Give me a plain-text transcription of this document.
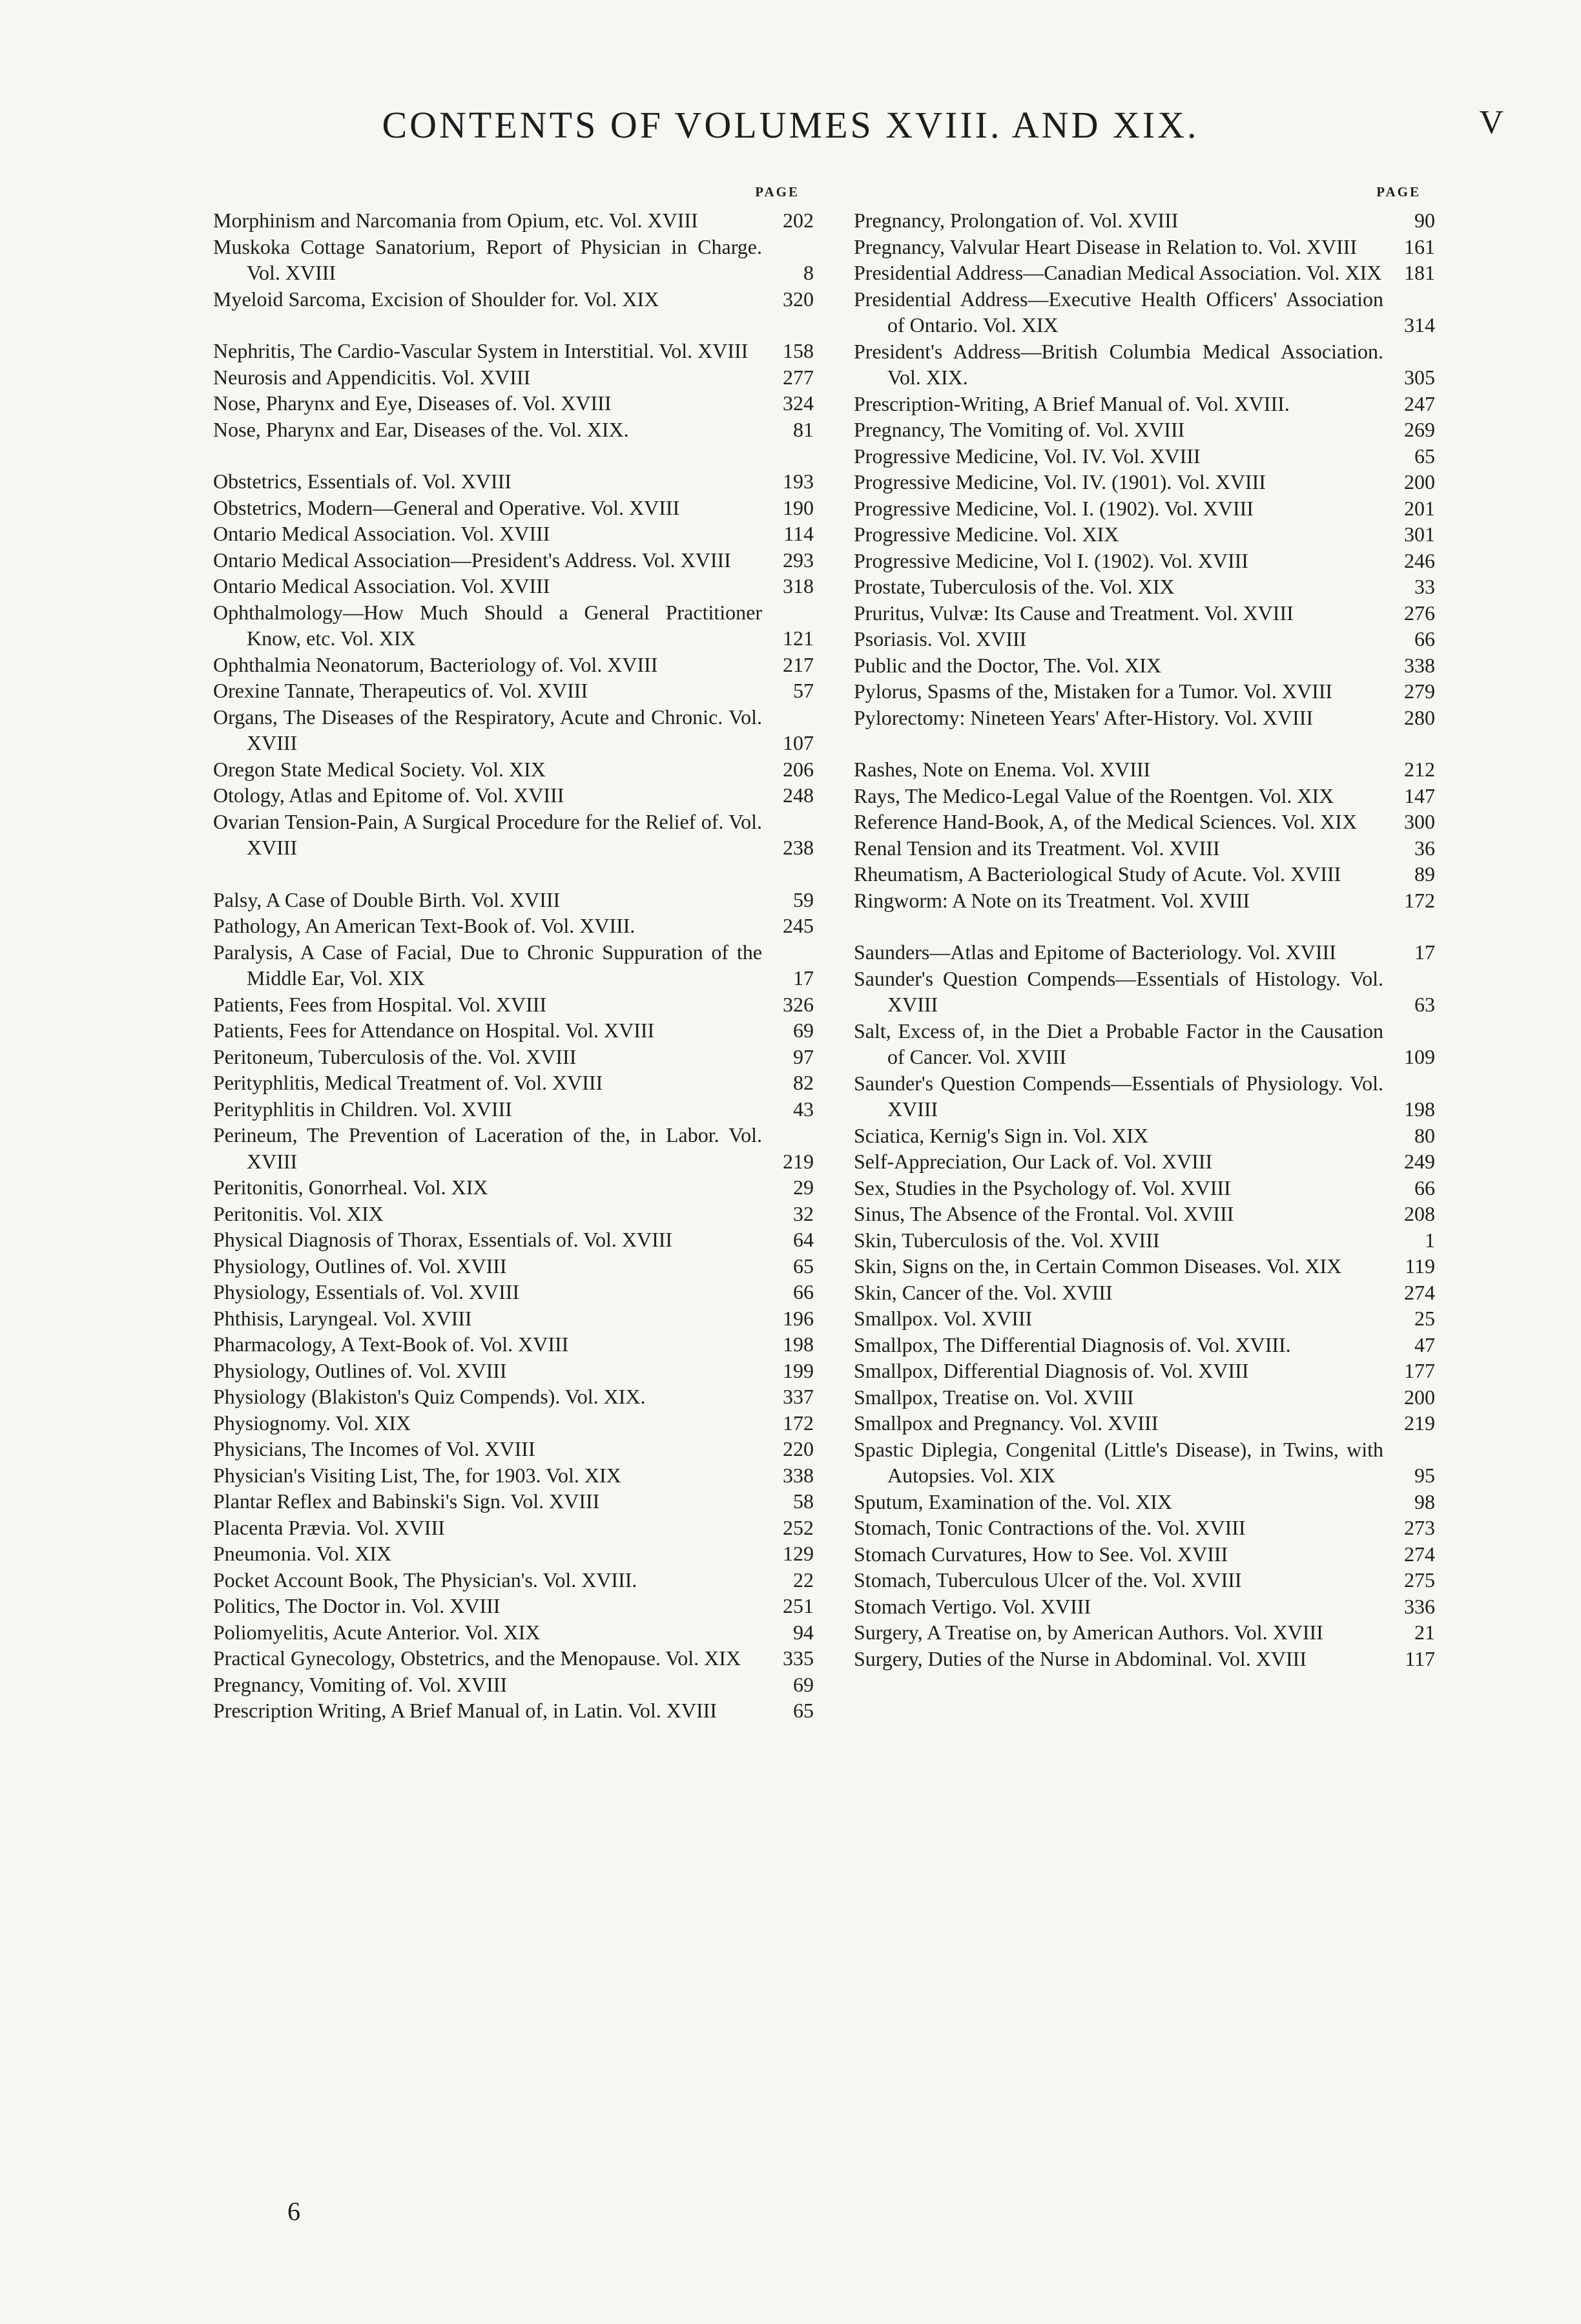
CONTENTS OF VOLUMES XVIII. AND XIX.	V
PAGE
Morphinism and Narcomania from Opium, etc. Vol. XVIII	202
Muskoka Cottage Sanatorium, Report of Physician in Charge. Vol. XVIII	8
Myeloid Sarcoma, Excision of Shoulder for. Vol. XIX	320
Nephritis, The Cardio-Vascular System in Interstitial. Vol. XVIII	158
Neurosis and Appendicitis. Vol. XVIII	277
Nose, Pharynx and Eye, Diseases of. Vol. XVIII	324
Nose, Pharynx and Ear, Diseases of the. Vol. XIX.	81
Obstetrics, Essentials of. Vol. XVIII	193
Obstetrics, Modern—General and Operative. Vol. XVIII	190
Ontario Medical Association. Vol. XVIII	114
Ontario Medical Association—President's Address. Vol. XVIII	293
Ontario Medical Association. Vol. XVIII	318
Ophthalmology—How Much Should a General Practitioner Know, etc. Vol. XIX	121
Ophthalmia Neonatorum, Bacteriology of. Vol. XVIII	217
Orexine Tannate, Therapeutics of. Vol. XVIII	57
Organs, The Diseases of the Respiratory, Acute and Chronic. Vol. XVIII	107
Oregon State Medical Society. Vol. XIX	206
Otology, Atlas and Epitome of. Vol. XVIII	248
Ovarian Tension-Pain, A Surgical Procedure for the Relief of. Vol. XVIII	238
Palsy, A Case of Double Birth. Vol. XVIII	59
Pathology, An American Text-Book of. Vol. XVIII.	245
Paralysis, A Case of Facial, Due to Chronic Suppuration of the Middle Ear, Vol. XIX	17
Patients, Fees from Hospital. Vol. XVIII	326
Patients, Fees for Attendance on Hospital. Vol. XVIII	69
Peritoneum, Tuberculosis of the. Vol. XVIII	97
Perityphlitis, Medical Treatment of. Vol. XVIII	82
Perityphlitis in Children. Vol. XVIII	43
Perineum, The Prevention of Laceration of the, in Labor. Vol. XVIII	219
Peritonitis, Gonorrheal. Vol. XIX	29
Peritonitis. Vol. XIX	32
Physical Diagnosis of Thorax, Essentials of. Vol. XVIII	64
Physiology, Outlines of. Vol. XVIII	65
Physiology, Essentials of. Vol. XVIII	66
Phthisis, Laryngeal. Vol. XVIII	196
Pharmacology, A Text-Book of. Vol. XVIII	198
Physiology, Outlines of. Vol. XVIII	199
Physiology (Blakiston's Quiz Compends). Vol. XIX.	337
Physiognomy. Vol. XIX	172
Physicians, The Incomes of Vol. XVIII	220
Physician's Visiting List, The, for 1903. Vol. XIX	338
Plantar Reflex and Babinski's Sign. Vol. XVIII	58
Placenta Prævia. Vol. XVIII	252
Pneumonia. Vol. XIX	129
Pocket Account Book, The Physician's. Vol. XVIII.	22
Politics, The Doctor in. Vol. XVIII	251
Poliomyelitis, Acute Anterior. Vol. XIX	94
Practical Gynecology, Obstetrics, and the Menopause. Vol. XIX	335
Pregnancy, Vomiting of. Vol. XVIII	69
Prescription Writing, A Brief Manual of, in Latin. Vol. XVIII	65
PAGE
Pregnancy, Prolongation of. Vol. XVIII	90
Pregnancy, Valvular Heart Disease in Relation to. Vol. XVIII	161
Presidential Address—Canadian Medical Association. Vol. XIX	181
Presidential Address—Executive Health Officers' Association of Ontario. Vol. XIX	314
President's Address—British Columbia Medical Association. Vol. XIX.	305
Prescription-Writing, A Brief Manual of. Vol. XVIII.	247
Pregnancy, The Vomiting of. Vol. XVIII	269
Progressive Medicine, Vol. IV. Vol. XVIII	65
Progressive Medicine, Vol. IV. (1901). Vol. XVIII	200
Progressive Medicine, Vol. I. (1902). Vol. XVIII	201
Progressive Medicine. Vol. XIX	301
Progressive Medicine, Vol I. (1902). Vol. XVIII	246
Prostate, Tuberculosis of the. Vol. XIX	33
Pruritus, Vulvæ: Its Cause and Treatment. Vol. XVIII	276
Psoriasis. Vol. XVIII	66
Public and the Doctor, The. Vol. XIX	338
Pylorus, Spasms of the, Mistaken for a Tumor. Vol. XVIII	279
Pylorectomy: Nineteen Years' After-History. Vol. XVIII	280
Rashes, Note on Enema. Vol. XVIII	212
Rays, The Medico-Legal Value of the Roentgen. Vol. XIX	147
Reference Hand-Book, A, of the Medical Sciences. Vol. XIX	300
Renal Tension and its Treatment. Vol. XVIII	36
Rheumatism, A Bacteriological Study of Acute. Vol. XVIII	89
Ringworm: A Note on its Treatment. Vol. XVIII	172
Saunders—Atlas and Epitome of Bacteriology. Vol. XVIII	17
Saunder's Question Compends—Essentials of Histology. Vol. XVIII	63
Salt, Excess of, in the Diet a Probable Factor in the Causation of Cancer. Vol. XVIII	109
Saunder's Question Compends—Essentials of Physiology. Vol. XVIII	198
Sciatica, Kernig's Sign in. Vol. XIX	80
Self-Appreciation, Our Lack of. Vol. XVIII	249
Sex, Studies in the Psychology of. Vol. XVIII	66
Sinus, The Absence of the Frontal. Vol. XVIII	208
Skin, Tuberculosis of the. Vol. XVIII	1
Skin, Signs on the, in Certain Common Diseases. Vol. XIX	119
Skin, Cancer of the. Vol. XVIII	274
Smallpox. Vol. XVIII	25
Smallpox, The Differential Diagnosis of. Vol. XVIII.	47
Smallpox, Differential Diagnosis of. Vol. XVIII	177
Smallpox, Treatise on. Vol. XVIII	200
Smallpox and Pregnancy. Vol. XVIII	219
Spastic Diplegia, Congenital (Little's Disease), in Twins, with Autopsies. Vol. XIX	95
Sputum, Examination of the. Vol. XIX	98
Stomach, Tonic Contractions of the. Vol. XVIII	273
Stomach Curvatures, How to See. Vol. XVIII	274
Stomach, Tuberculous Ulcer of the. Vol. XVIII	275
Stomach Vertigo. Vol. XVIII	336
Surgery, A Treatise on, by American Authors. Vol. XVIII	21
Surgery, Duties of the Nurse in Abdominal. Vol. XVIII	117
6
